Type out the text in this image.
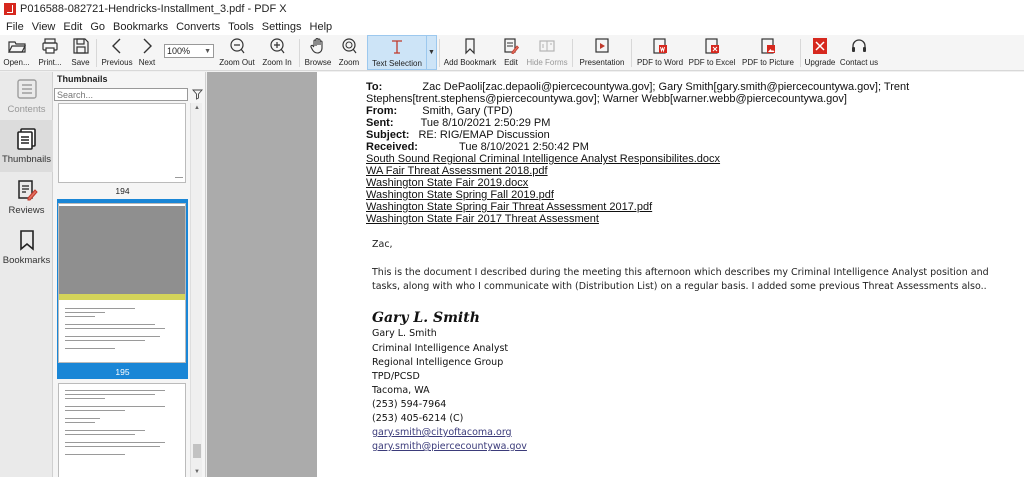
P016588-082721-Hendricks-Installment_3.pdf - PDF X
File View Edit Go Bookmarks Converts Tools Settings Help
Open... Print... Save Previous Next
100% ▼
Zoom Out Zoom In Browse Zoom Text Selection
▼
Add Bookmark Edit Hide Forms Presentation PDF to Word PDF to Excel PDF to Picture Upgrade Contact us
Contents
Thumbnails
Reviews
Bookmarks
Thumbnails
Search...
194
195
▲
▼
To:	Zac DePaoli[zac.depaoli@piercecountywa.gov]; Gary Smith[gary.smith@piercecountywa.gov]; Trent
Stephens[trent.stephens@piercecountywa.gov]; Warner Webb[warner.webb@piercecountywa.gov]
From: Smith, Gary (TPD)
Sent: Tue 8/10/2021 2:50:29 PM
Subject: RE: RIG/EMAP Discussion
Received:	Tue 8/10/2021 2:50:42 PM
South Sound Regional Criminal Intelligence Analyst Responsibilites.docx
WA Fair Threat Assessment 2018.pdf
Washington State Fair 2019.docx
Washington State Spring Fall 2019.pdf
Washington State Spring Fair Threat Assessment 2017.pdf
Washington State Fair 2017 Threat Assessment
Zac,
This is the document I described during the meeting this afternoon which describes my Criminal Intelligence Analyst position and
tasks, along with who I communicate with (Distribution List) on a regular basis. I added some previous Threat Assessments also..
Gary L. Smith
Gary L. Smith
Criminal Intelligence Analyst
Regional Intelligence Group
TPD/PCSD
Tacoma, WA
(253) 594-7964
(253) 405-6214 (C)
gary.smith@cityoftacoma.org
gary.smith@piercecountywa.gov
